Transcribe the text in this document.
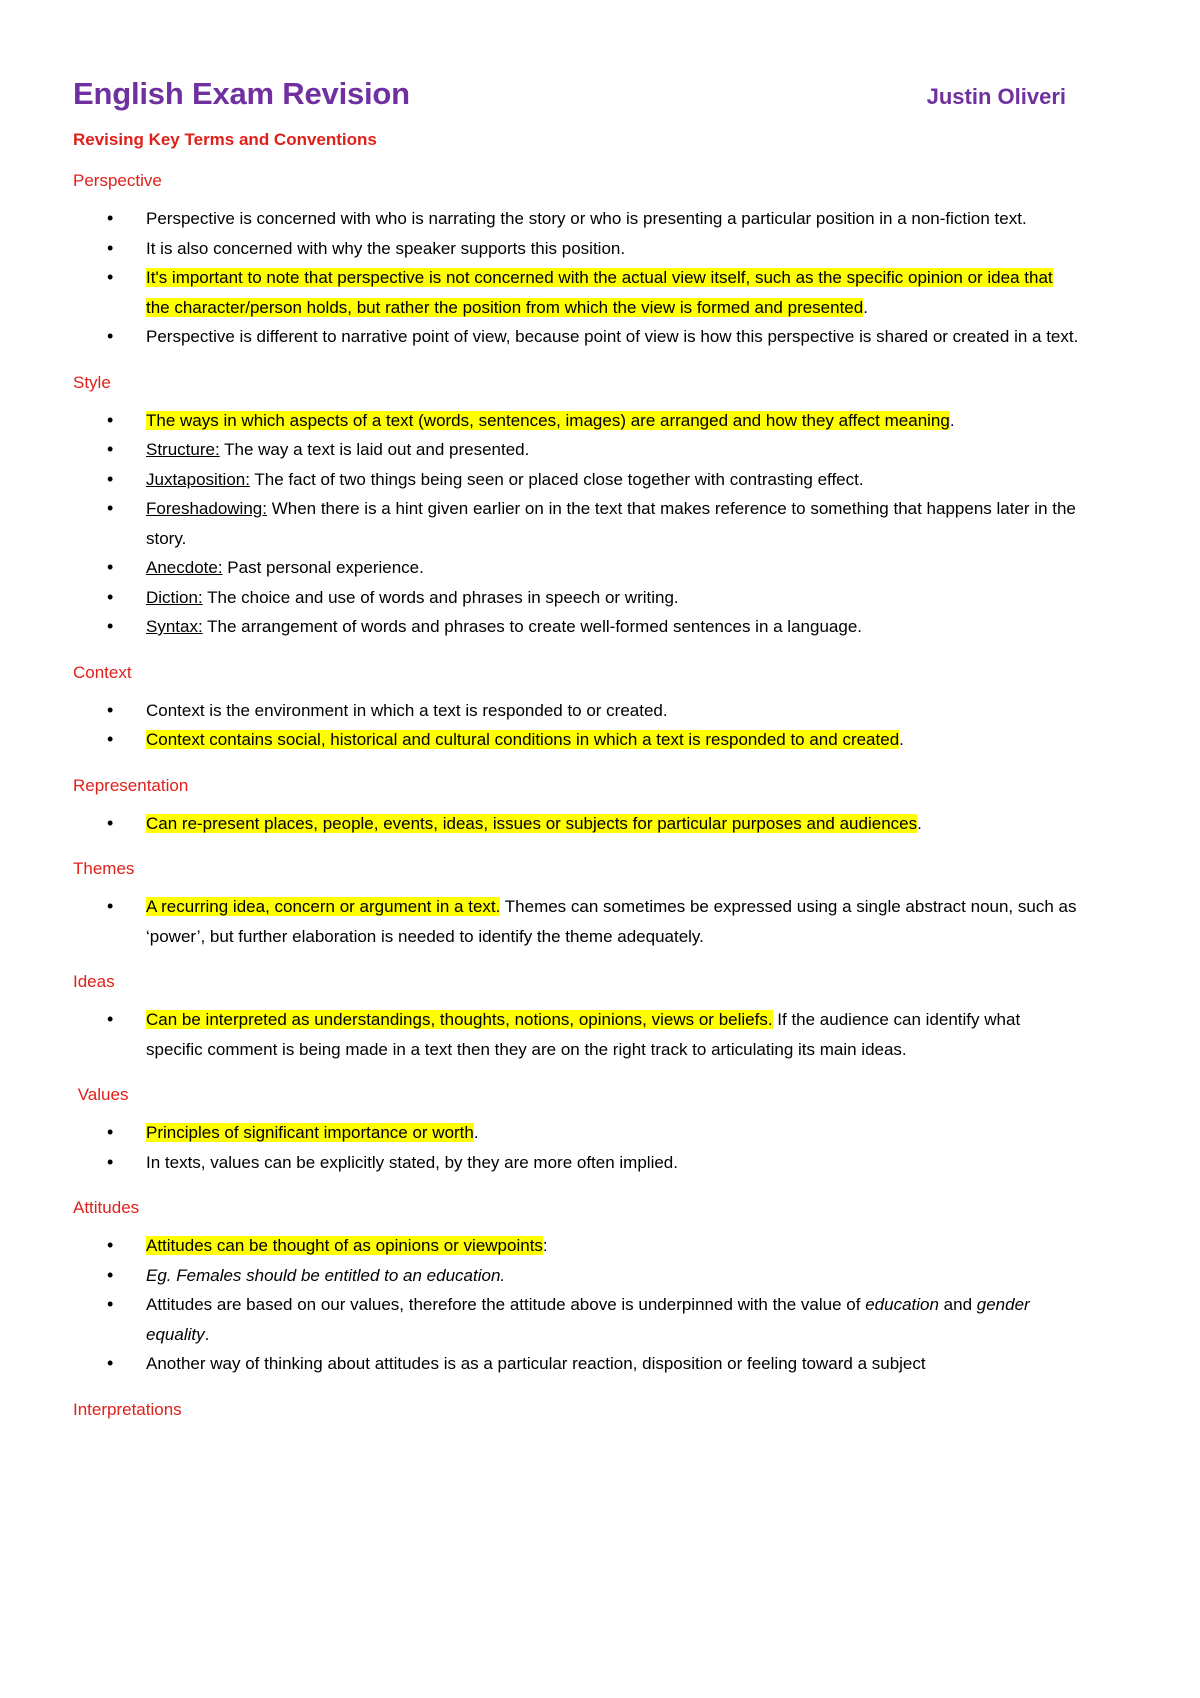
English Exam Revision	Justin Oliveri
Revising Key Terms and Conventions
Perspective
• Perspective is concerned with who is narrating the story or who is presenting a particular position in a non-fiction text.
• It is also concerned with why the speaker supports this position.
• It's important to note that perspective is not concerned with the actual view itself, such as the specific opinion or idea that the character/person holds, but rather the position from which the view is formed and presented.
• Perspective is different to narrative point of view, because point of view is how this perspective is shared or created in a text.
Style
• The ways in which aspects of a text (words, sentences, images) are arranged and how they affect meaning.
• Structure: The way a text is laid out and presented.
• Juxtaposition: The fact of two things being seen or placed close together with contrasting effect.
• Foreshadowing: When there is a hint given earlier on in the text that makes reference to something that happens later in the story.
• Anecdote: Past personal experience.
• Diction: The choice and use of words and phrases in speech or writing.
• Syntax: The arrangement of words and phrases to create well-formed sentences in a language.
Context
• Context is the environment in which a text is responded to or created.
• Context contains social, historical and cultural conditions in which a text is responded to and created.
Representation
• Can re-present places, people, events, ideas, issues or subjects for particular purposes and audiences.
Themes
• A recurring idea, concern or argument in a text. Themes can sometimes be expressed using a single abstract noun, such as ‘power’, but further elaboration is needed to identify the theme adequately.
Ideas
• Can be interpreted as understandings, thoughts, notions, opinions, views or beliefs. If the audience can identify what specific comment is being made in a text then they are on the right track to articulating its main ideas.
Values
• Principles of significant importance or worth.
• In texts, values can be explicitly stated, by they are more often implied.
Attitudes
• Attitudes can be thought of as opinions or viewpoints:
• Eg. Females should be entitled to an education.
• Attitudes are based on our values, therefore the attitude above is underpinned with the value of education and gender equality.
• Another way of thinking about attitudes is as a particular reaction, disposition or feeling toward a subject
Interpretations
